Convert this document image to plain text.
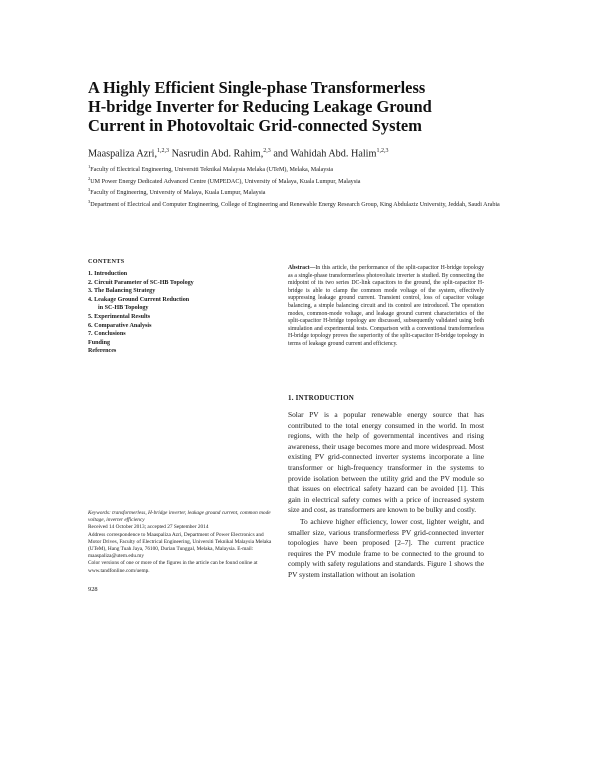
A Highly Efficient Single-phase Transformerless
H-bridge Inverter for Reducing Leakage Ground
Current in Photovoltaic Grid-connected System

Maaspaliza Azri,$^{1,2,3}$ Nasrudin Abd. Rahim,$^{2,3}$ and Wahidah Abd. Halim$^{1,2,3}$

$^1$Faculty of Electrical Engineering, Universiti Teknikal Malaysia Melaka (UTeM), Melaka, Malaysia

$^2$UM Power Energy Dedicated Advanced Centre (UMPEDAC), University of Malaya, Kuala Lumpur, Malaysia

$^3$Faculty of Engineering, University of Malaya, Kuala Lumpur, Malaysia

$^3$Department of Electrical and Computer Engineering, College of Engineering and Renewable Energy Research Group, King Abdulaziz University, Jeddah, Saudi Arabia

CONTENTS

1. Introduction

2. Circuit Parameter of SC-HB Topology

3. The Balancing Strategy

4. Leakage Ground Current Reduction

in SC-HB Topology

5. Experimental Results

6. Comparative Analysis

7. Conclusions

Funding

References

Abstract—In this article, the performance of the split-capacitor H-bridge topology as a single-phase transformerless photovoltaic inverter is studied. By connecting the midpoint of its two series DC-link capacitors to the ground, the split-capacitor H-bridge is able to clamp the common mode voltage of the system, effectively suppressing leakage ground current. Transient control, loss of capacitor voltage balancing, a simple balancing circuit and its control are introduced. The operation modes, common-mode voltage, and leakage ground current characteristics of the split-capacitor H-bridge topology are discussed, subsequently validated using both simulation and experimental tests. Comparison with a conventional transformerless H-bridge topology proves the superiority of the split-capacitor H-bridge topology in terms of leakage ground current and efficiency.

1. INTRODUCTION

Solar PV is a popular renewable energy source that has contributed to the total energy consumed in the world. In most regions, with the help of governmental incentives and rising awareness, their usage becomes more and more widespread. Most existing PV grid-connected inverter systems incorporate a line transformer or high-frequency transformer in the systems to provide isolation between the utility grid and the PV module so that issues on electrical safety hazard can be avoided [1]. This gain in electrical safety comes with a price of increased system size and cost, as transformers are known to be bulky and costly.

To achieve higher efficiency, lower cost, lighter weight, and smaller size, various transformerless PV grid-connected inverter topologies have been proposed [2–7]. The current practice requires the PV module frame to be connected to the ground to comply with safety regulations and standards. Figure 1 shows the PV system installation without an isolation

Keywords: transformerless, H-bridge inverter, leakage ground current, common mode voltage, inverter efficiency

Received 14 October 2013; accepted 27 September 2014

Address correspondence to Maaspaliza Azri, Department of Power Electronics and Motor Drives, Faculty of Electrical Engineering, Universiti Teknikal Malaysia Melaka (UTeM), Hang Tuah Jaya, 76100, Durian Tunggal, Melaka, Malaysia. E-mail: maaspaliza@utem.edu.my

Color versions of one or more of the figures in the article can be found online at www.tandfonline.com/uemp.

928
